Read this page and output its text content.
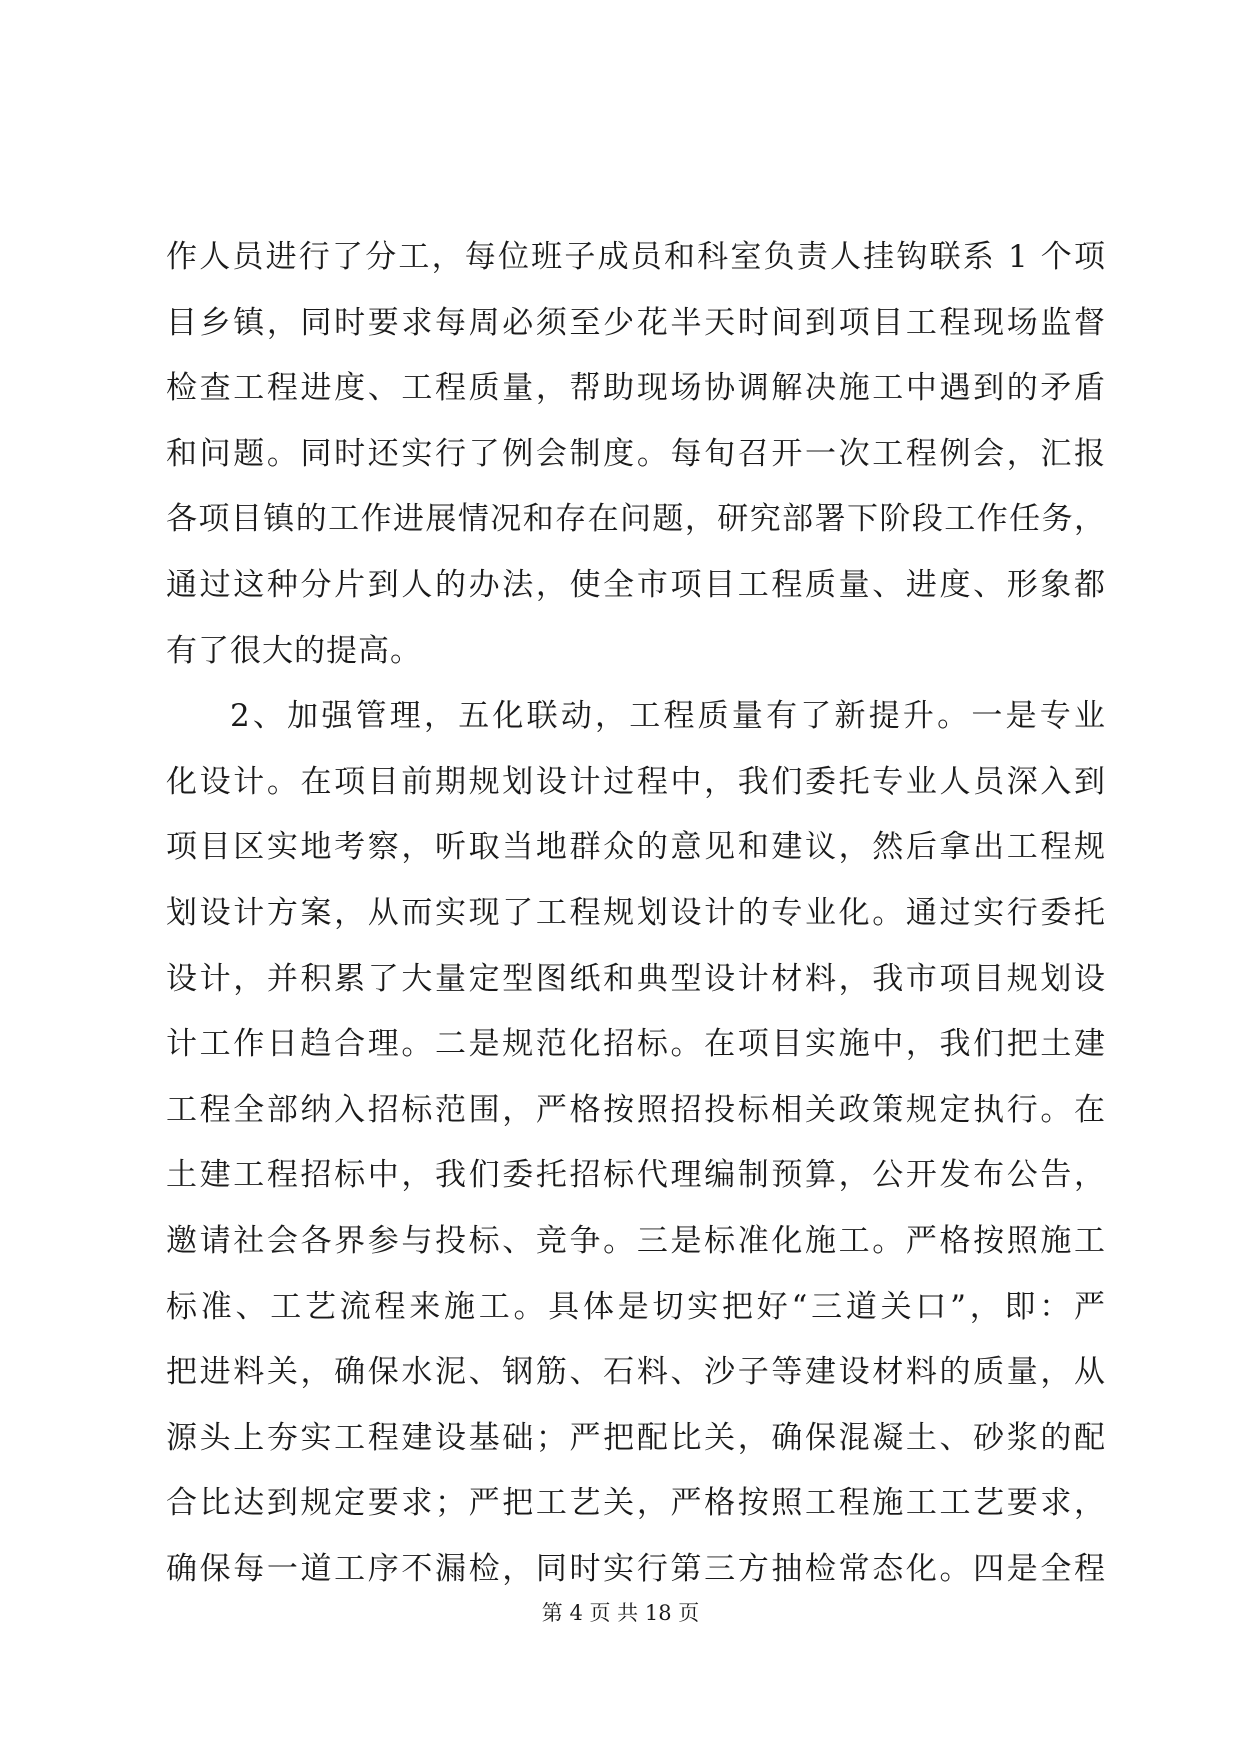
作人员进行了分工，每位班子成员和科室负责人挂钩联系 1 个项
目乡镇，同时要求每周必须至少花半天时间到项目工程现场监督
检查工程进度、工程质量，帮助现场协调解决施工中遇到的矛盾
和问题。同时还实行了例会制度。每旬召开一次工程例会，汇报
各项目镇的工作进展情况和存在问题，研究部署下阶段工作任务，
通过这种分片到人的办法，使全市项目工程质量、进度、形象都
有了很大的提高。
2、加强管理，五化联动，工程质量有了新提升。一是专业
化设计。在项目前期规划设计过程中，我们委托专业人员深入到
项目区实地考察，听取当地群众的意见和建议，然后拿出工程规
划设计方案，从而实现了工程规划设计的专业化。通过实行委托
设计，并积累了大量定型图纸和典型设计材料，我市项目规划设
计工作日趋合理。二是规范化招标。在项目实施中，我们把土建
工程全部纳入招标范围，严格按照招投标相关政策规定执行。在
土建工程招标中，我们委托招标代理编制预算，公开发布公告，
邀请社会各界参与投标、竞争。三是标准化施工。严格按照施工
标准、工艺流程来施工。具体是切实把好“三道关口”，即：严
把进料关，确保水泥、钢筋、石料、沙子等建设材料的质量，从
源头上夯实工程建设基础；严把配比关，确保混凝土、砂浆的配
合比达到规定要求；严把工艺关，严格按照工程施工工艺要求，
确保每一道工序不漏检，同时实行第三方抽检常态化。四是全程
第 4 页 共 18 页
